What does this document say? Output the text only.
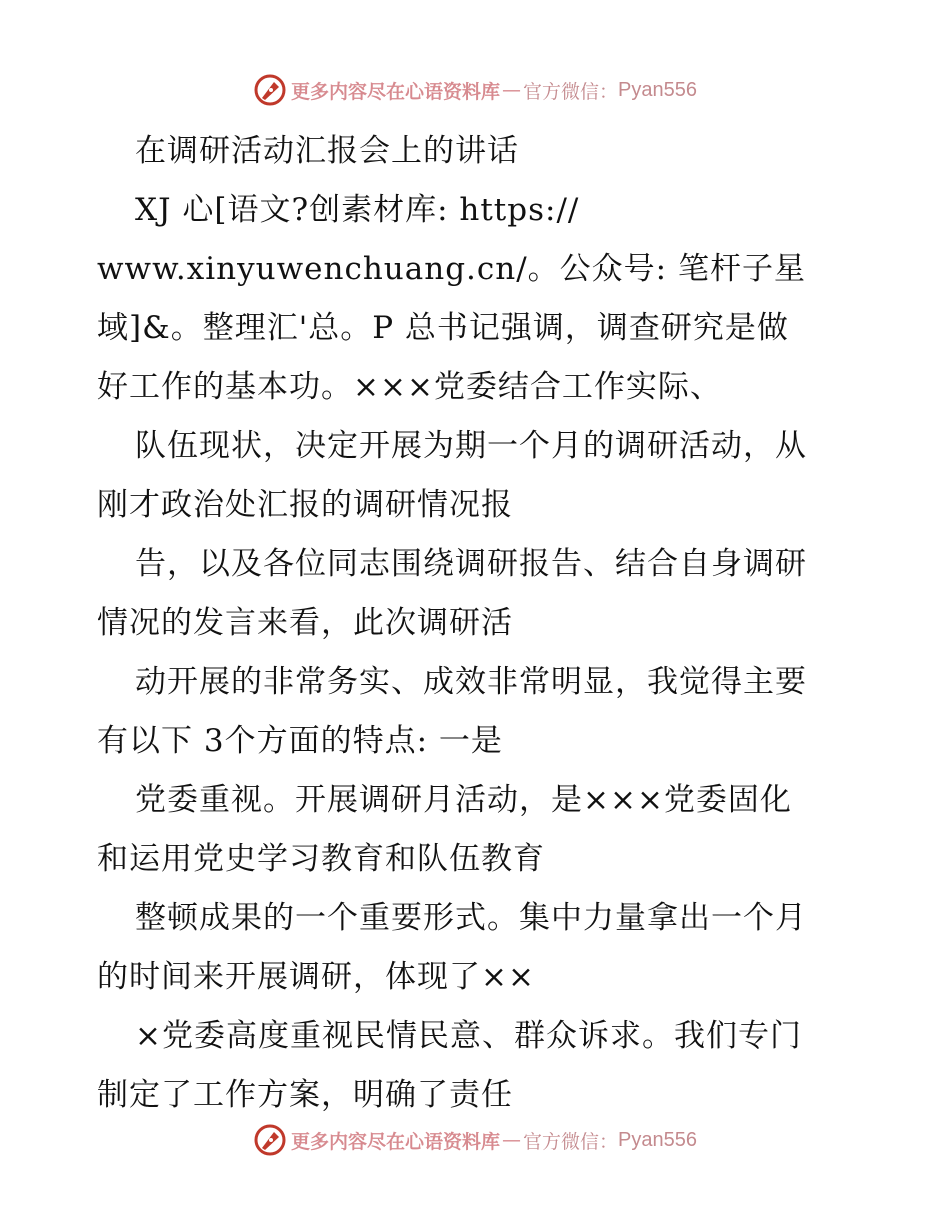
更多内容尽在心语资料库 — 官方微信： Pyan556
在调研活动汇报会上的讲话
XJ 心[语文?创素材库: https://
www.xinyuwenchuang.cn/。公众号: 笔杆子星
域]&。整理汇'总。P 总书记强调，调查研究是做
好工作的基本功。×××党委结合工作实际、
队伍现状，决定开展为期一个月的调研活动，从
刚才政治处汇报的调研情况报
告，以及各位同志围绕调研报告、结合自身调研
情况的发言来看，此次调研活
动开展的非常务实、成效非常明显，我觉得主要
有以下 3个方面的特点: 一是
党委重视。开展调研月活动，是×××党委固化
和运用党史学习教育和队伍教育
整顿成果的一个重要形式。集中力量拿出一个月
的时间来开展调研，体现了××
×党委高度重视民情民意、群众诉求。我们专门
制定了工作方案，明确了责任
更多内容尽在心语资料库 — 官方微信： Pyan556
